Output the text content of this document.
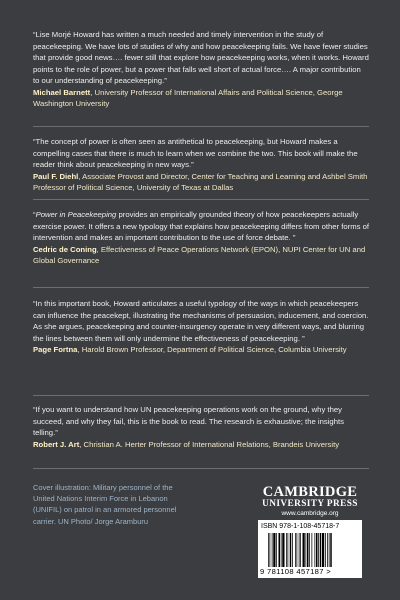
“Lise Morjé Howard has written a much needed and timely intervention in the study of peacekeeping. We have lots of studies of why and how peacekeeping fails. We have fewer studies that provide good news…. fewer still that explore how peacekeeping works, when it works. Howard points to the role of power, but a power that falls well short of actual force…. A major contribution to our understanding of peacekeeping.”

Michael Barnett, University Professor of International Affairs and Political Science, George Washington University

“The concept of power is often seen as antithetical to peacekeeping, but Howard makes a compelling cases that there is much to learn when we combine the two. This book will make the reader think about peacekeeping in new ways.”

Paul F. Diehl, Associate Provost and Director, Center for Teaching and Learning and Ashbel Smith Professor of Political Science, University of Texas at Dallas

“Power in Peacekeeping provides an empirically grounded theory of how peacekeepers actually exercise power. It offers a new typology that explains how peacekeeping differs from other forms of intervention and makes an important contribution to the use of force debate. ”

Cedric de Coning, Effectiveness of Peace Operations Network (EPON), NUPI Center for UN and Global Governance

“In this important book, Howard articulates a useful typology of the ways in which peacekeepers can influence the peacekept, illustrating the mechanisms of persuasion, inducement, and coercion. As she argues, peacekeeping and counter-insurgency operate in very different ways, and blurring the lines between them will only undermine the effectiveness of peacekeeping. ”

Page Fortna, Harold Brown Professor, Department of Political Science, Columbia University

“If you want to understand how UN peacekeeping operations work on the ground, why they succeed, and why they fail, this is the book to read. The research is exhaustive; the insights telling.”

Robert J. Art, Christian A. Herter Professor of International Relations, Brandeis University

Cover illustration: Military personnel of the United Nations Interim Force in Lebanon (UNIFIL) on patrol in an armored personnel carrier. UN Photo/ Jorge Aramburu
CAMBRIDGE
UNIVERSITY PRESS
www.cambridge.org
ISBN 978-1-108-45718-7
9 781108 457187 >
